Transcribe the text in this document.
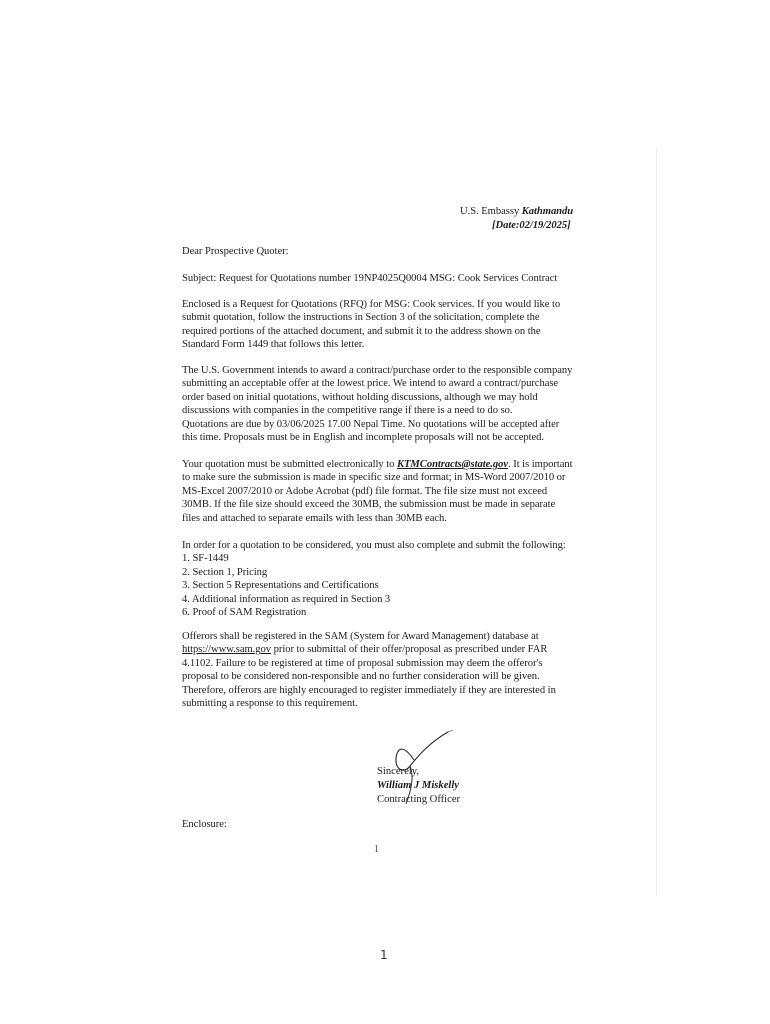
U.S. Embassy Kathmandu
[Date:02/19/2025]
Dear Prospective Quoter:
Subject: Request for Quotations number 19NP4025Q0004 MSG: Cook Services Contract
Enclosed is a Request for Quotations (RFQ) for MSG: Cook services. If you would like to
submit quotation, follow the instructions in Section 3 of the solicitation, complete the
required portions of the attached document, and submit it to the address shown on the
Standard Form 1449 that follows this letter.
The U.S. Government intends to award a contract/purchase order to the responsible company
submitting an acceptable offer at the lowest price. We intend to award a contract/purchase
order based on initial quotations, without holding discussions, although we may hold
discussions with companies in the competitive range if there is a need to do so.
Quotations are due by 03/06/2025 17.00 Nepal Time. No quotations will be accepted after
this time. Proposals must be in English and incomplete proposals will not be accepted.
Your quotation must be submitted electronically to KTMContracts@state.gov. It is important
to make sure the submission is made in specific size and format; in MS-Word 2007/2010 or
MS-Excel 2007/2010 or Adobe Acrobat (pdf) file format. The file size must not exceed
30MB. If the file size should exceed the 30MB, the submission must be made in separate
files and attached to separate emails with less than 30MB each.
In order for a quotation to be considered, you must also complete and submit the following:
1. SF-1449
2. Section 1, Pricing
3. Section 5 Representations and Certifications
4. Additional information as required in Section 3
6. Proof of SAM Registration
Offerors shall be registered in the SAM (System for Award Management) database at
https://www.sam.gov prior to submittal of their offer/proposal as prescribed under FAR
4.1102. Failure to be registered at time of proposal submission may deem the offeror's
proposal to be considered non-responsible and no further consideration will be given.
Therefore, offerors are highly encouraged to register immediately if they are interested in
submitting a response to this requirement.
Enclosure:
Sincerely,
William J Miskelly
Contracting Officer
1
1
